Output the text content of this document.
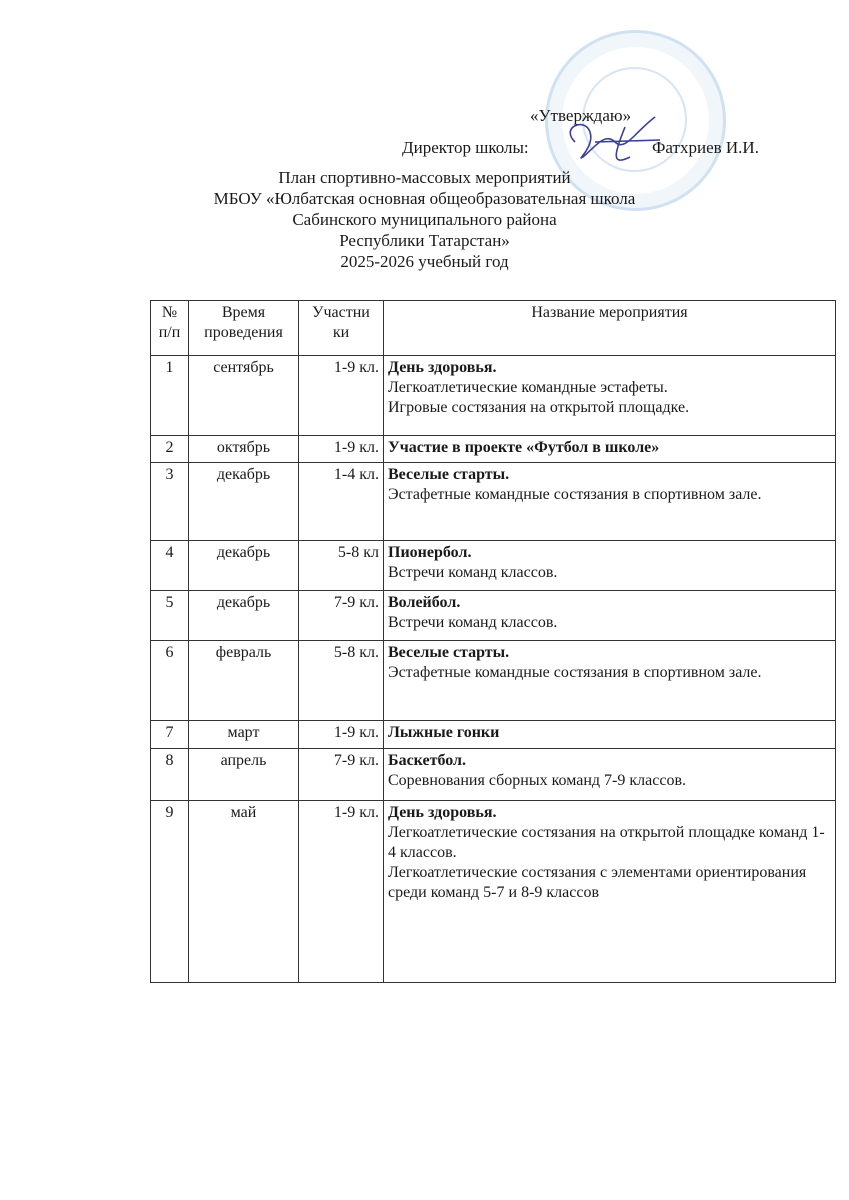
«Утверждаю»
Директор школы:	Фатхриев И.И.
План спортивно-массовых мероприятий
МБОУ «Юлбатская основная общеобразовательная школа
Сабинского муниципального района
Республики Татарстан»
2025-2026 учебный год
№ п/п	Время проведения	Участни ки	Название мероприятия
1	сентябрь	1-9 кл.	День здоровья.
Легкоатлетические командные эстафеты.
Игровые состязания на открытой площадке.

2	октябрь	1-9 кл.	Участие в проекте «Футбол в школе»

3	декабрь	1-4 кл.	Веселые старты.
Эстафетные командные состязания в спортивном зале.

4	декабрь	5-8 кл	Пионербол.
Встречи команд классов.

5	декабрь	7-9 кл.	Волейбол.
Встречи команд классов.

6	февраль	5-8 кл.	Веселые старты.
Эстафетные командные состязания в спортивном зале.

7	март	1-9 кл.	Лыжные гонки

8	апрель	7-9 кл.	Баскетбол.
Соревнования сборных команд 7-9 классов.

9	май	1-9 кл.	День здоровья.
Легкоатлетические состязания на открытой площадке команд 1-4 классов.
Легкоатлетические состязания с элементами ориентирования среди команд 5-7 и 8-9 классов
